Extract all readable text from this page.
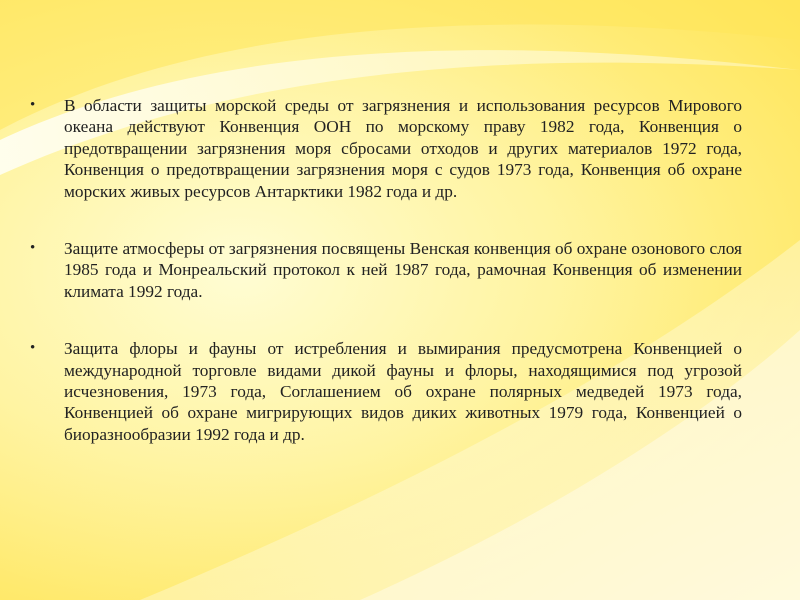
• В области защиты морской среды от загрязнения и использования ресурсов Мирового океана действуют Конвенция ООН по морскому праву 1982 года, Конвенция о предотвращении загрязнения моря сбросами отходов и других материалов 1972 года, Конвенция о предотвращении загрязнения моря с судов 1973 года, Конвенция об охране морских живых ресурсов Антарктики 1982 года и др.
• Защите атмосферы от загрязнения посвящены Венская конвенция об охране озонового слоя 1985 года и Монреальский протокол к ней 1987 года, рамочная Конвенция об изменении климата 1992 года.
• Защита флоры и фауны от истребления и вымирания предусмотрена Конвенцией о международной торговле видами дикой фауны и флоры, находящимися под угрозой исчезновения, 1973 года, Соглашением об охране полярных медведей 1973 года, Конвенцией об охране мигрирующих видов диких животных 1979 года, Конвенцией о биоразнообразии 1992 года и др.
